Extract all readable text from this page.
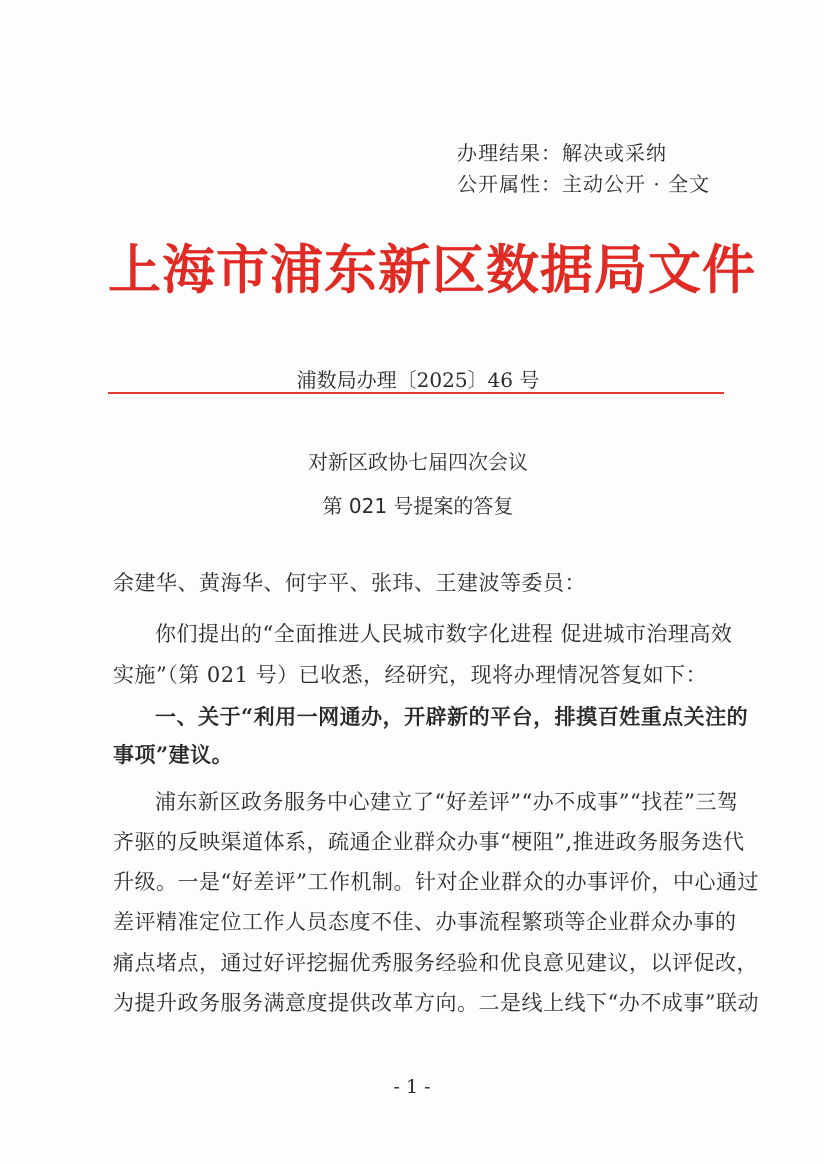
办理结果：解决或采纳
公开属性：主动公开 · 全文
上海市浦东新区数据局文件
浦数局办理〔2025〕46 号
对新区政协七届四次会议
第 021 号提案的答复
余建华、黄海华、何宇平、张玮、王建波等委员：
你们提出的“全面推进人民城市数字化进程 促进城市治理高效
实施”（第 021 号）已收悉，经研究，现将办理情况答复如下：
一、关于“利用一网通办，开辟新的平台，排摸百姓重点关注的
事项”建议。
浦东新区政务服务中心建立了“好差评”“办不成事”“找茬”三驾
齐驱的反映渠道体系，疏通企业群众办事“梗阻”,推进政务服务迭代
升级。一是“好差评”工作机制。针对企业群众的办事评价，中心通过
差评精准定位工作人员态度不佳、办事流程繁琐等企业群众办事的
痛点堵点，通过好评挖掘优秀服务经验和优良意见建议，以评促改，
为提升政务服务满意度提供改革方向。二是线上线下“办不成事”联动
- 1 -
